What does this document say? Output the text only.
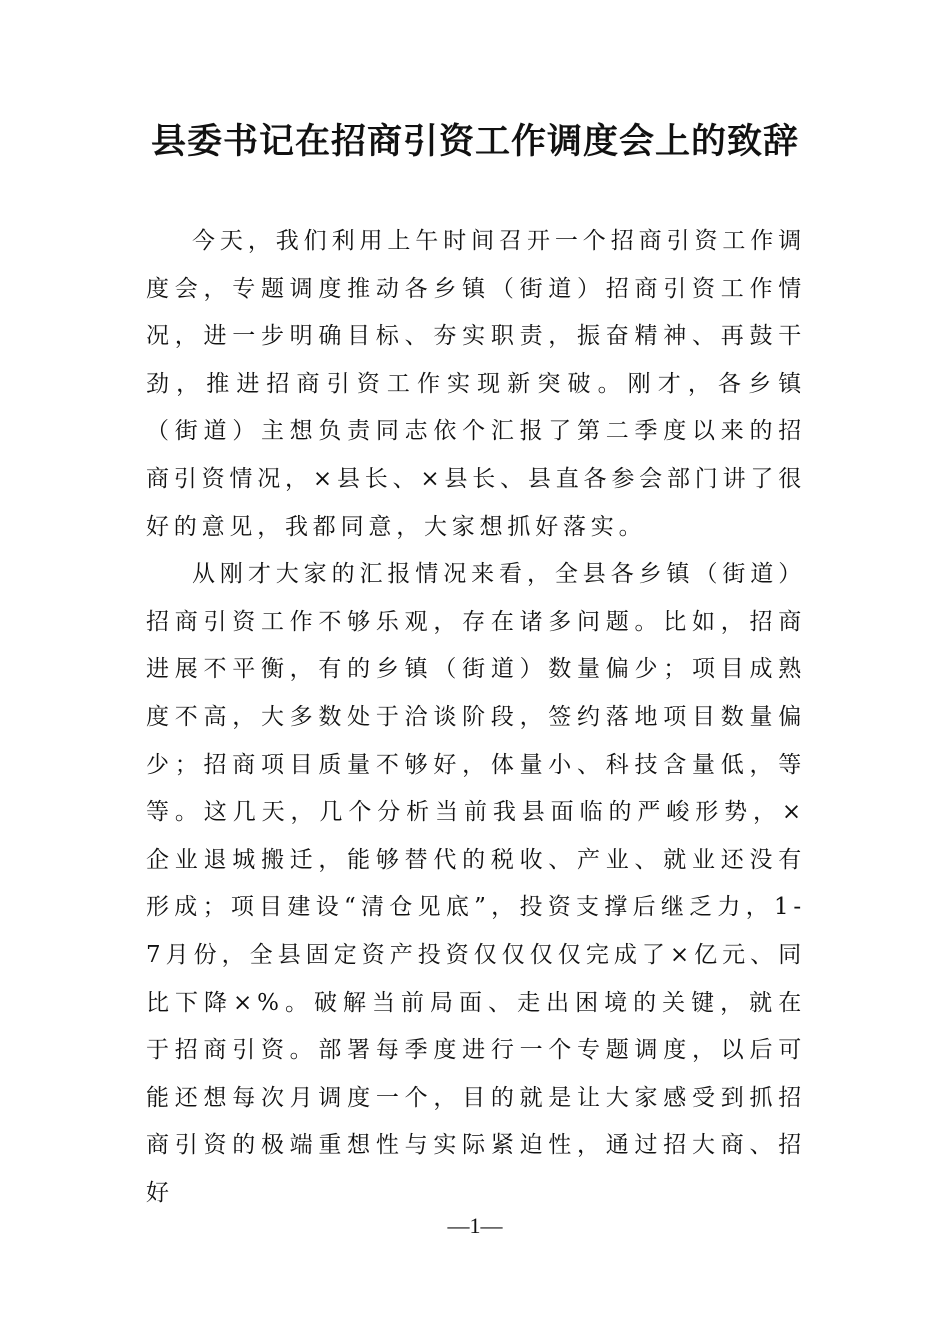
县委书记在招商引资工作调度会上的致辞

今天，我们利用上午时间召开一个招商引资工作调度会，专题调度推动各乡镇（街道）招商引资工作情况，进一步明确目标、夯实职责，振奋精神、再鼓干劲，推进招商引资工作实现新突破。刚才，各乡镇（街道）主想负责同志依个汇报了第二季度以来的招商引资情况，×县长、×县长、县直各参会部门讲了很好的意见，我都同意，大家想抓好落实。

从刚才大家的汇报情况来看，全县各乡镇（街道）招商引资工作不够乐观，存在诸多问题。比如，招商进展不平衡，有的乡镇（街道）数量偏少；项目成熟度不高，大多数处于洽谈阶段，签约落地项目数量偏少；招商项目质量不够好，体量小、科技含量低，等等。这几天，几个分析当前我县面临的严峻形势，×企业退城搬迁，能够替代的税收、产业、就业还没有形成；项目建设“清仓见底”，投资支撑后继乏力，1-7月份，全县固定资产投资仅仅仅仅完成了×亿元、同比下降×%。破解当前局面、走出困境的关键，就在于招商引资。部署每季度进行一个专题调度，以后可能还想每次月调度一个，目的就是让大家感受到抓招商引资的极端重想性与实际紧迫性，通过招大商、招好

—1—
